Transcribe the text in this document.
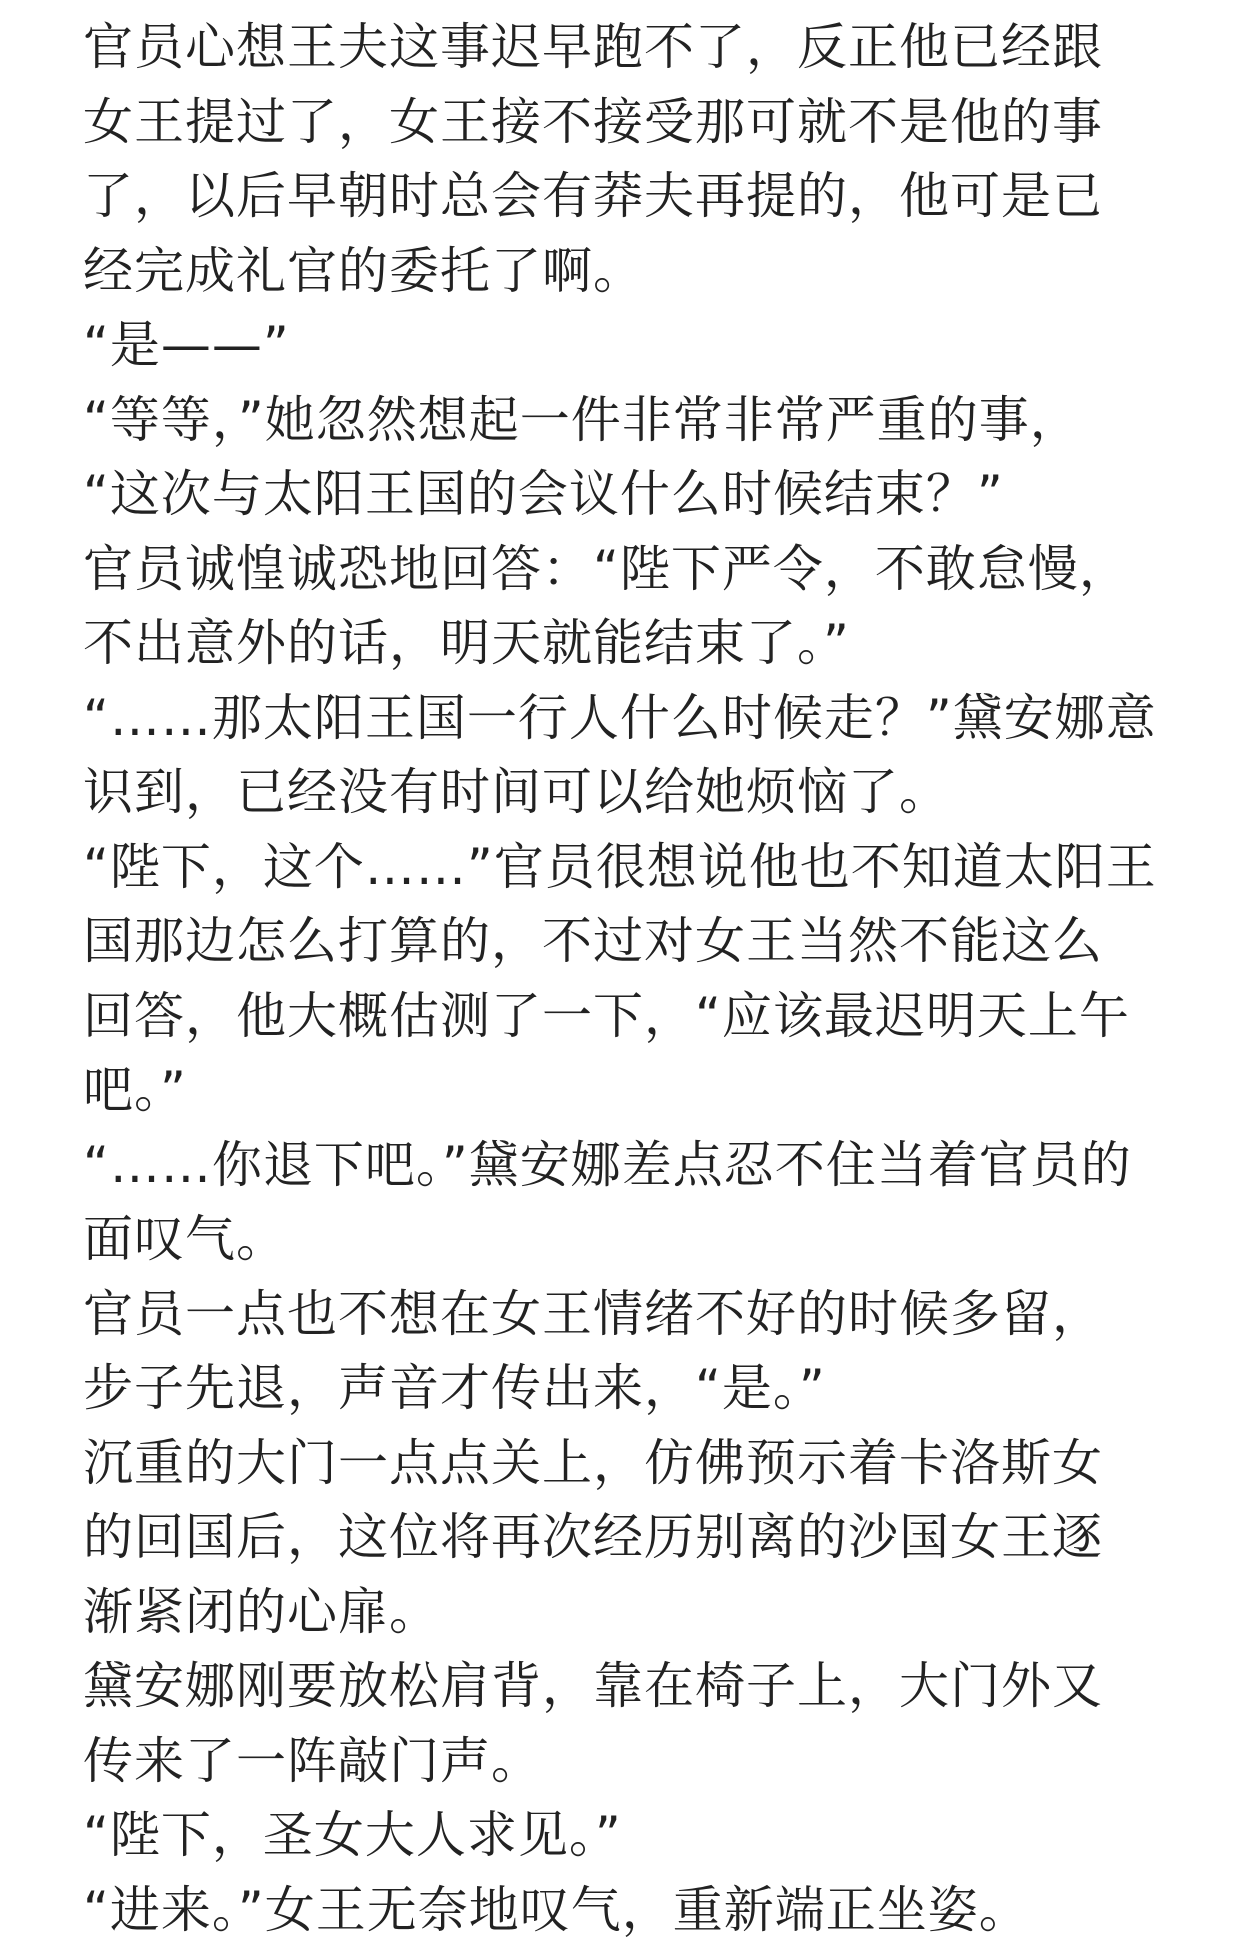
官员心想王夫这事迟早跑不了，反正他已经跟
女王提过了，女王接不接受那可就不是他的事
了，以后早朝时总会有莽夫再提的，他可是已
经完成礼官的委托了啊。
“是——”
“等等，”她忽然想起一件非常非常严重的事，
“这次与太阳王国的会议什么时候结束？”
官员诚惶诚恐地回答：“陛下严令，不敢怠慢，
不出意外的话，明天就能结束了。”
“……那太阳王国一行人什么时候走？”黛安娜意
识到，已经没有时间可以给她烦恼了。
“陛下，这个……”官员很想说他也不知道太阳王
国那边怎么打算的，不过对女王当然不能这么
回答，他大概估测了一下，“应该最迟明天上午
吧。”
“……你退下吧。”黛安娜差点忍不住当着官员的
面叹气。
官员一点也不想在女王情绪不好的时候多留，
步子先退，声音才传出来，“是。”
沉重的大门一点点关上，仿佛预示着卡洛斯女
的回国后，这位将再次经历别离的沙国女王逐
渐紧闭的心扉。
黛安娜刚要放松肩背，靠在椅子上，大门外又
传来了一阵敲门声。
“陛下，圣女大人求见。”
“进来。”女王无奈地叹气，重新端正坐姿。
